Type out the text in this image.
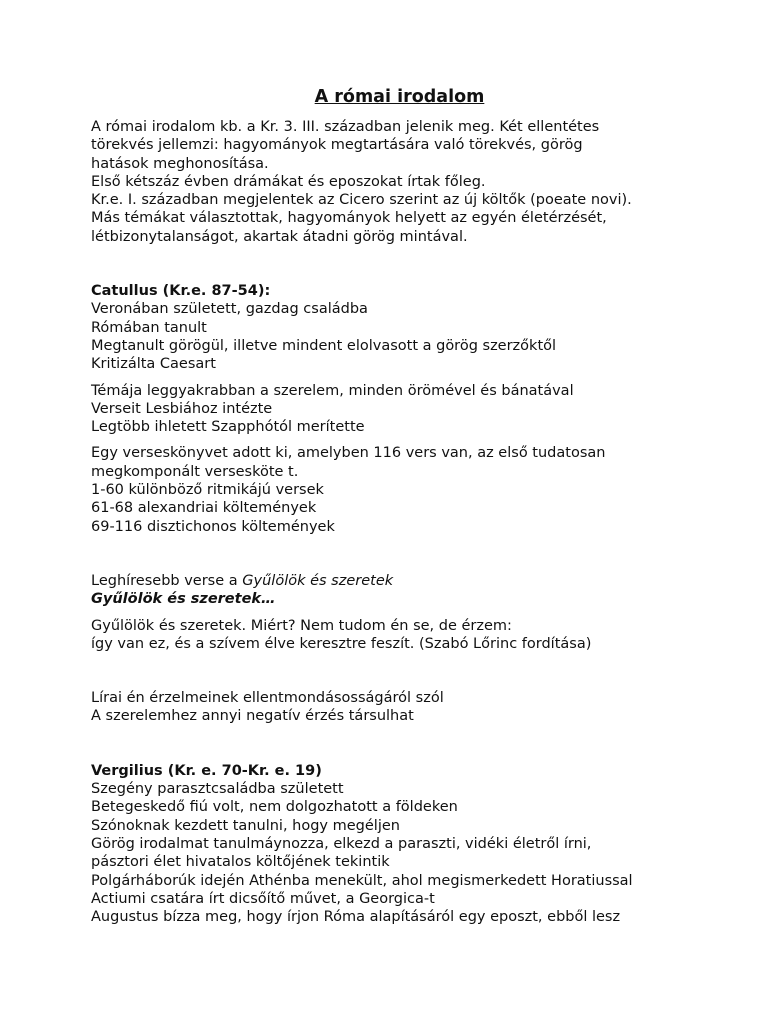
A római irodalom
A római irodalom kb. a Kr. 3. III. században jelenik meg. Két ellentétes
törekvés jellemzi: hagyományok megtartására való törekvés, görög
hatások meghonosítása.
Első kétszáz évben drámákat és eposzokat írtak főleg.
Kr.e. I. században megjelentek az Cicero szerint az új költők (poeate novi).
Más témákat választottak, hagyományok helyett az egyén életérzését,
létbizonytalanságot, akartak átadni görög mintával.
Catullus (Kr.e. 87-54):
Veronában született, gazdag családba
Rómában tanult
Megtanult görögül, illetve mindent elolvasott a görög szerzőktől
Kritizálta Caesart
Témája leggyakrabban a szerelem, minden örömével és bánatával
Verseit Lesbiához intézte
Legtöbb ihletett Szapphótól merítette
Egy verseskönyvet adott ki, amelyben 116 vers van, az első tudatosan
megkomponált versesköte t.
1-60 különböző ritmikájú versek
61-68 alexandriai költemények
69-116 disztichonos költemények
Leghíresebb verse a Gyűlölök és szeretek
Gyűlölök és szeretek…
Gyűlölök és szeretek. Miért? Nem tudom én se, de érzem:
így van ez, és a szívem élve keresztre feszít. (Szabó Lőrinc fordítása)
Lírai én érzelmeinek ellentmondásosságáról szól
A szerelemhez annyi negatív érzés társulhat
Vergilius (Kr. e. 70-Kr. e. 19)
Szegény parasztcsaládba született
Betegeskedő fiú volt, nem dolgozhatott a földeken
Szónoknak kezdett tanulni, hogy megéljen
Görög irodalmat tanulmáynozza, elkezd a paraszti, vidéki életről írni,
pásztori élet hivatalos költőjének tekintik
Polgárháborúk idején Athénba menekült, ahol megismerkedett Horatiussal
Actiumi csatára írt dicsőítő művet, a Georgica-t
Augustus bízza meg, hogy írjon Róma alapításáról egy eposzt, ebből lesz
